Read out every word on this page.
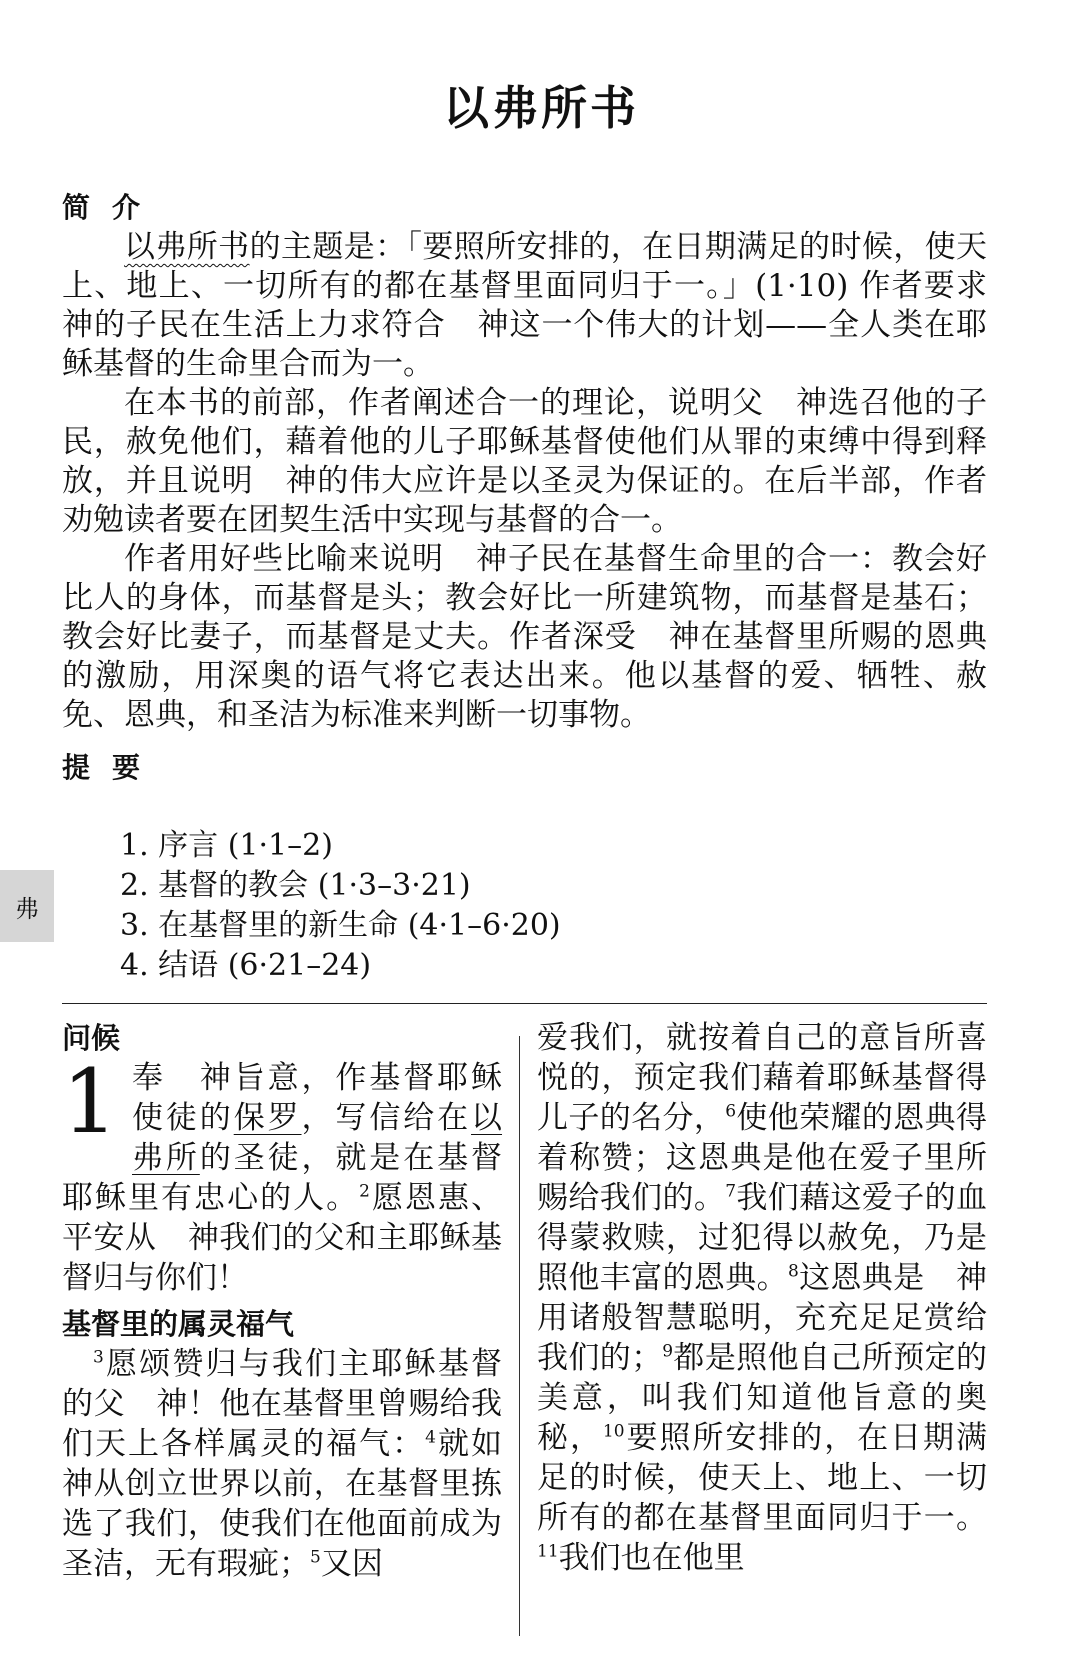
以弗所书
简介

以弗所书的主题是：「要照所安排的，在日期满足的时候，使天上、地上、一切所有的都在基督里面同归于一。」(1·10) 作者要求　神的子民在生活上力求符合　神这一个伟大的计划——全人类在耶稣基督的生命里合而为一。

在本书的前部，作者阐述合一的理论，说明父　神选召他的子民，赦免他们，藉着他的儿子耶稣基督使他们从罪的束缚中得到释放，并且说明　神的伟大应许是以圣灵为保证的。在后半部，作者劝勉读者要在团契生活中实现与基督的合一。

作者用好些比喻来说明　神子民在基督生命里的合一：教会好比人的身体，而基督是头；教会好比一所建筑物，而基督是基石；教会好比妻子，而基督是丈夫。作者深受　神在基督里所赐的恩典的激励，用深奥的语气将它表达出来。他以基督的爱、牺牲、赦免、恩典，和圣洁为标准来判断一切事物。

提要
1. 序言 (1·1–2)
2. 基督的教会 (1·3–3·21)
3. 在基督里的新生命 (4·1–6·20)
4. 结语 (6·21–24)
弗
问候

1 奉　神旨意，作基督耶稣使徒的保罗，写信给在以弗所的圣徒，就是在基督耶稣里有忠心的人。$^2$愿恩惠、平安从　神我们的父和主耶稣基督归与你们！

基督里的属灵福气

$^3$愿颂赞归与我们主耶稣基督的父　神！他在基督里曾赐给我们天上各样属灵的福气：$^4$就如　神从创立世界以前，在基督里拣选了我们，使我们在他面前成为圣洁，无有瑕疵；$^5$又因

爱我们，就按着自己的意旨所喜悦的，预定我们藉着耶稣基督得儿子的名分，$^6$使他荣耀的恩典得着称赞；这恩典是他在爱子里所赐给我们的。$^7$我们藉这爱子的血得蒙救赎，过犯得以赦免，乃是照他丰富的恩典。$^8$这恩典是　神用诸般智慧聪明，充充足足赏给我们的；$^9$都是照他自己所预定的美意，叫我们知道他旨意的奥秘，$^{10}$要照所安排的，在日期满足的时候，使天上、地上、一切所有的都在基督里面同归于一。$^{11}$我们也在他里
